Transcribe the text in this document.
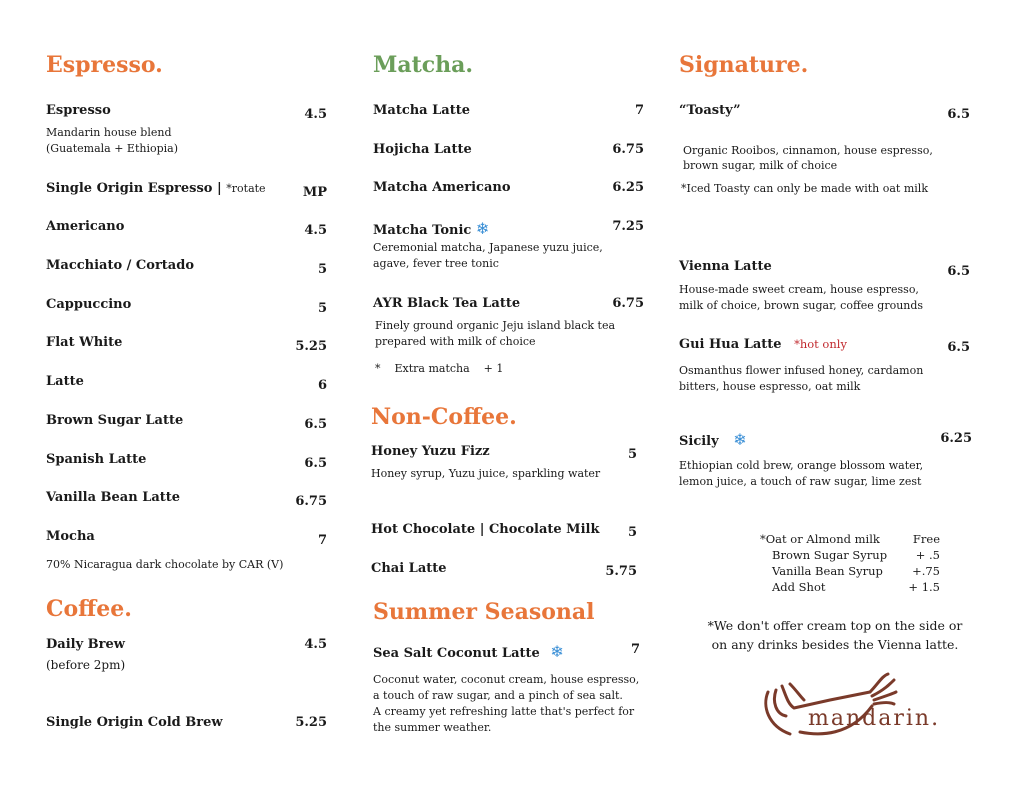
Espresso.
Espresso	4.5
Mandarin house blend
(Guatemala + Ethiopia)
Single Origin Espresso | *rotate	MP
Americano	4.5
Macchiato / Cortado	5
Cappuccino	5
Flat White	5.25
Latte	6
Brown Sugar Latte	6.5
Spanish Latte	6.5
Vanilla Bean Latte	6.75
Mocha	7
70% Nicaragua dark chocolate by CAR (V)
Coffee.
Daily Brew	4.5
(before 2pm)
Single Origin Cold Brew	5.25
Matcha.
Matcha Latte	7
Hojicha Latte	6.75
Matcha Americano	6.25
Matcha Tonic ❄	7.25
Ceremonial matcha, Japanese yuzu juice,
agave, fever tree tonic
AYR Black Tea Latte	6.75
Finely ground organic Jeju island black tea
prepared with milk of choice
*    Extra matcha    + 1
Non-Coffee.
Honey Yuzu Fizz	5
Honey syrup, Yuzu juice, sparkling water
Hot Chocolate | Chocolate Milk	5
Chai Latte	5.75
Summer Seasonal
Sea Salt Coconut Latte ❄	7
Coconut water, coconut cream, house espresso,
a touch of raw sugar, and a pinch of sea salt.
A creamy yet refreshing latte that's perfect for
the summer weather.
Signature.
“Toasty”	6.5
Organic Rooibos, cinnamon, house espresso,
brown sugar, milk of choice
*Iced Toasty can only be made with oat milk
Vienna Latte	6.5
House-made sweet cream, house espresso,
milk of choice, brown sugar, coffee grounds
Gui Hua Latte *hot only	6.5
Osmanthus flower infused honey, cardamon
bitters, house espresso, oat milk
Sicily ❄	6.25
Ethiopian cold brew, orange blossom water,
lemon juice, a touch of raw sugar, lime zest
*Oat or Almond milk	Free
Brown Sugar Syrup + .5
Vanilla Bean Syrup	+.75
Add Shot	+ 1.5
*We don't offer cream top on the side or
on any drinks besides the Vienna latte.
mandarin.
